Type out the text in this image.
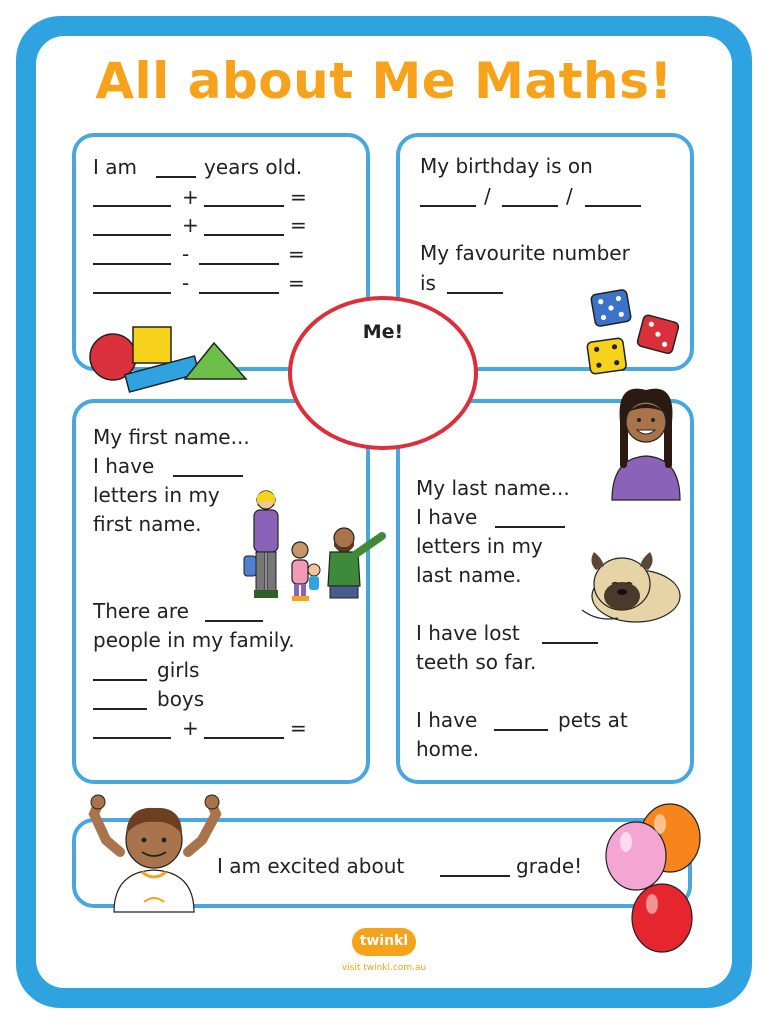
All about Me Maths!
I am	years old.
+	=
+	=
-	=
-	=
My birthday is on
/	/
My favourite number
is
My first name...
I have
letters in my
first name.
There are
people in my family.
girls
boys
+	=
My last name...
I have
letters in my
last name.
I have lost
teeth so far.
I have	pets at
home.
Me!
I am excited about	grade!
twinkl
visit twinkl.com.au
